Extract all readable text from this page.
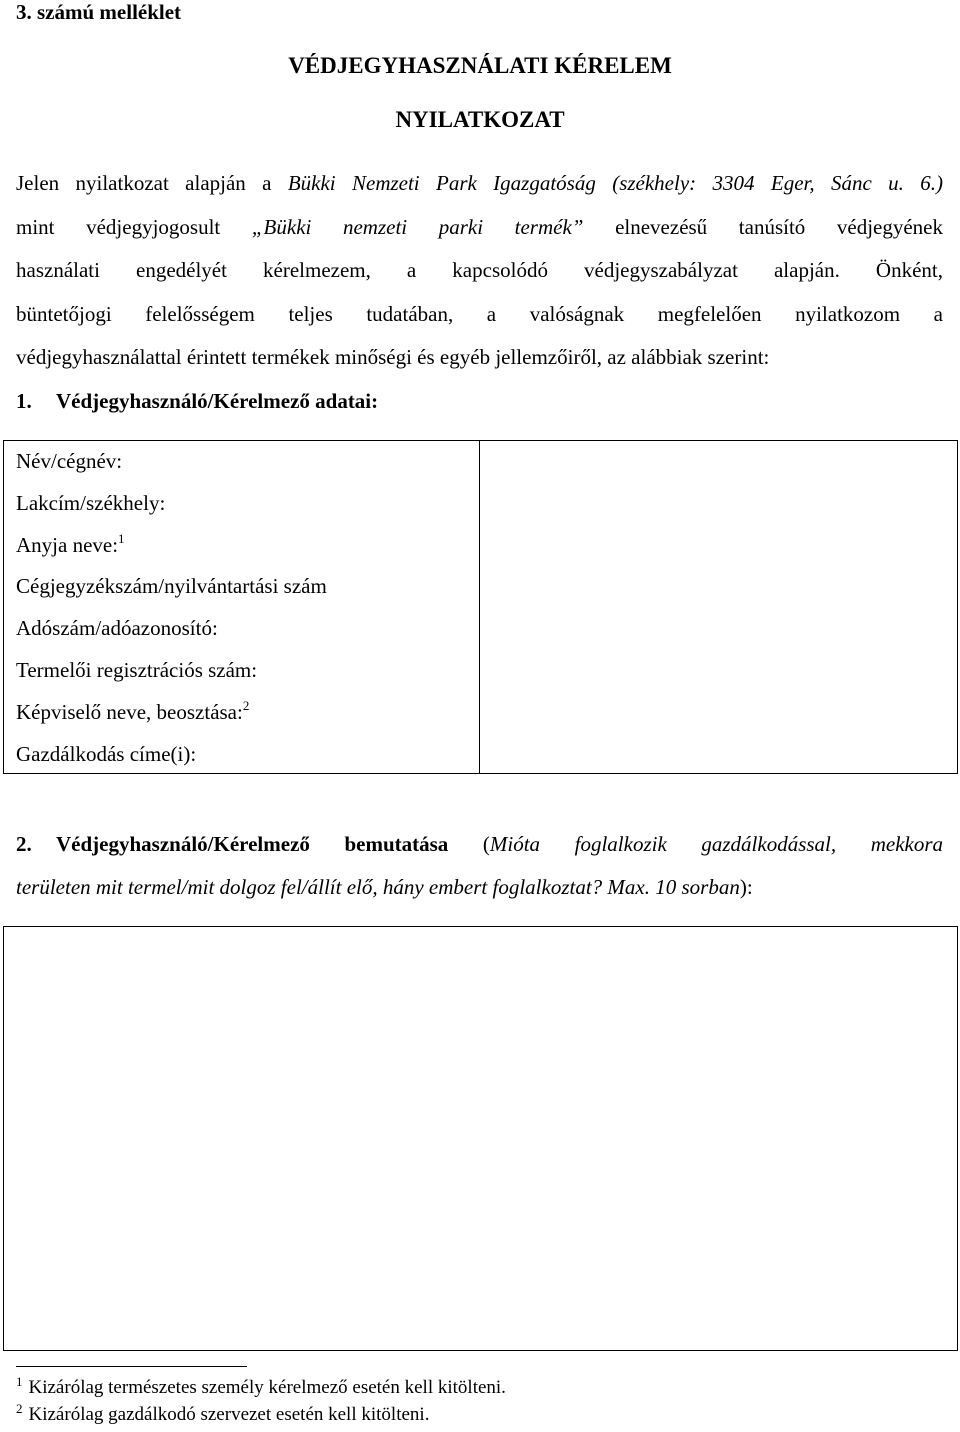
3. számú melléklet
VÉDJEGYHASZNÁLATI KÉRELEM
NYILATKOZAT
Jelen nyilatkozat alapján a Bükki Nemzeti Park Igazgatóság (székhely: 3304 Eger, Sánc u. 6.)
mint védjegyjogosult „Bükki nemzeti parki termék” elnevezésű tanúsító védjegyének
használati engedélyét kérelmezem, a kapcsolódó védjegyszabályzat alapján. Önként,
büntetőjogi felelősségem teljes tudatában, a valóságnak megfelelően nyilatkozom a
védjegyhasználattal érintett termékek minőségi és egyéb jellemzőiről, az alábbiak szerint:
1. Védjegyhasználó/Kérelmező adatai:
Név/cégnév:
Lakcím/székhely:
Anyja neve:$^1$
Cégjegyzékszám/nyilvántartási szám
Adószám/adóazonosító:
Termelői regisztrációs szám:
Képviselő neve, beosztása:$^2$
Gazdálkodás címe(i):
2. Védjegyhasználó/Kérelmező bemutatása (Mióta foglalkozik gazdálkodással, mekkora
területen mit termel/mit dolgoz fel/állít elő, hány embert foglalkoztat? Max. 10 sorban):
$^1$ Kizárólag természetes személy kérelmező esetén kell kitölteni.
$^2$ Kizárólag gazdálkodó szervezet esetén kell kitölteni.
